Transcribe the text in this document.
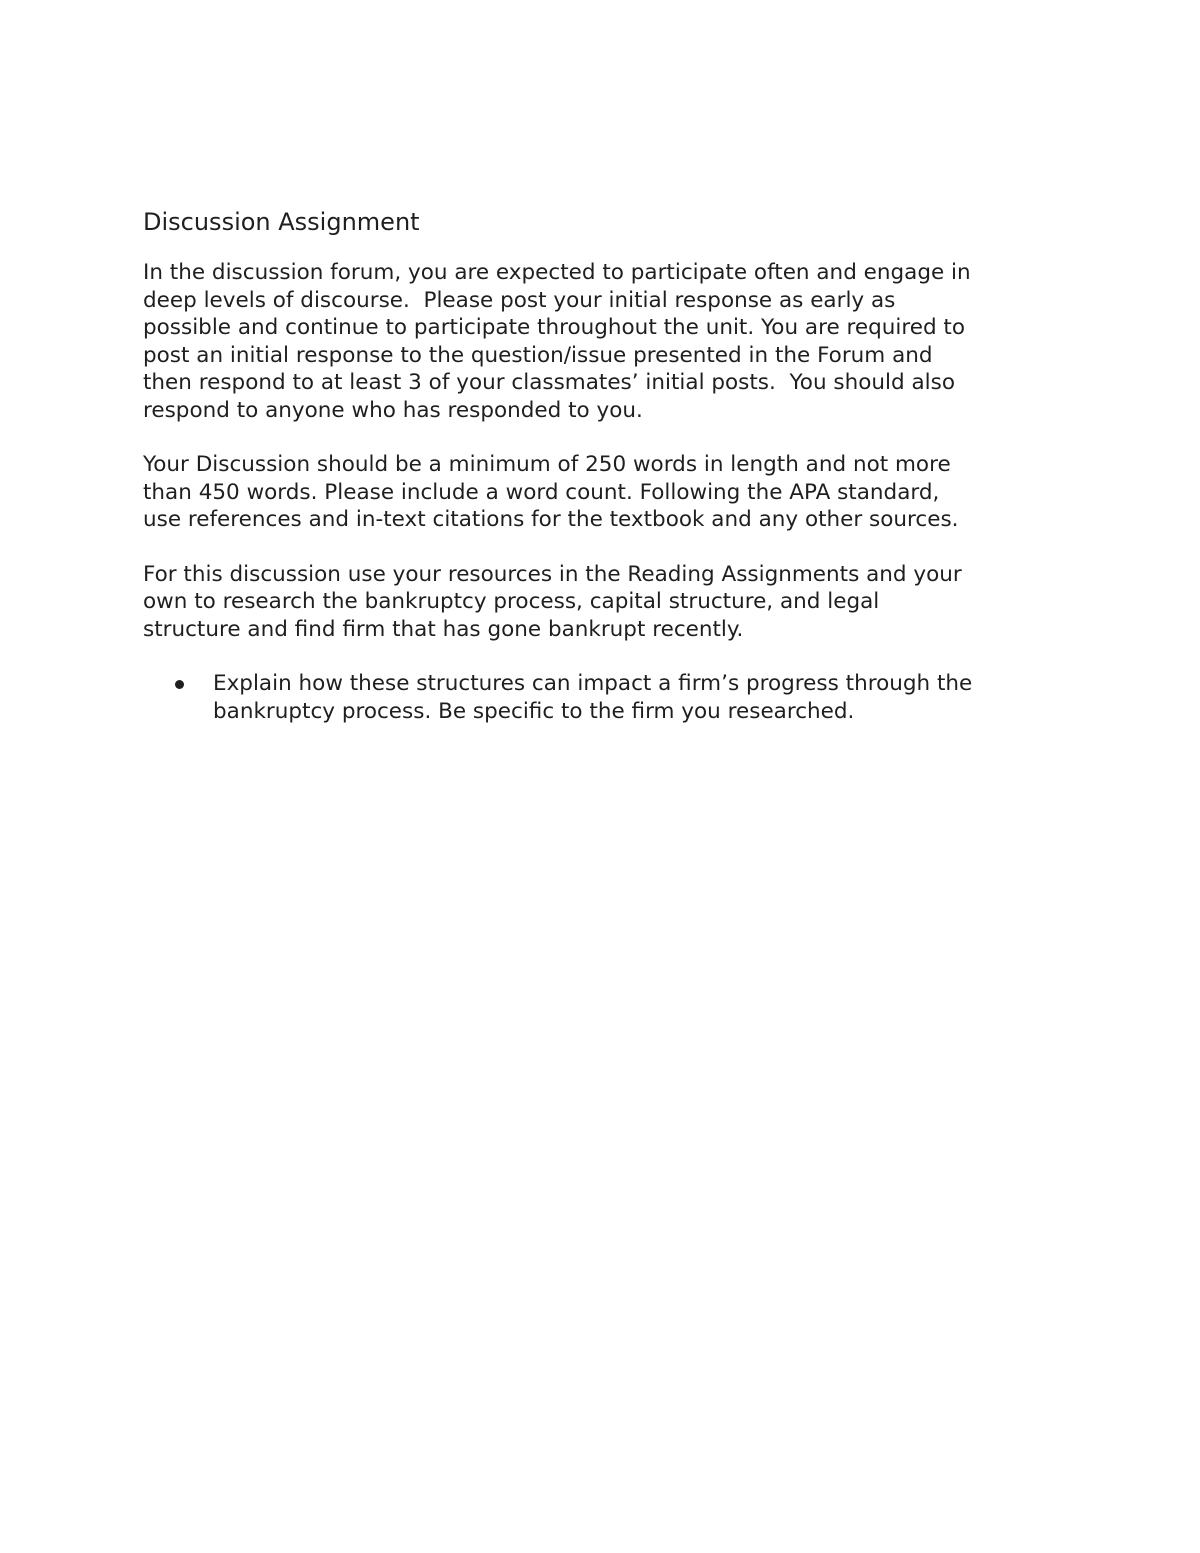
Discussion Assignment

In the discussion forum, you are expected to participate often and engage in
deep levels of discourse.  Please post your initial response as early as
possible and continue to participate throughout the unit. You are required to
post an initial response to the question/issue presented in the Forum and
then respond to at least 3 of your classmates’ initial posts.  You should also
respond to anyone who has responded to you.

Your Discussion should be a minimum of 250 words in length and not more
than 450 words. Please include a word count. Following the APA standard,
use references and in-text citations for the textbook and any other sources.

For this discussion use your resources in the Reading Assignments and your
own to research the bankruptcy process, capital structure, and legal
structure and find firm that has gone bankrupt recently.

Explain how these structures can impact a firm’s progress through the
bankruptcy process. Be specific to the firm you researched.
